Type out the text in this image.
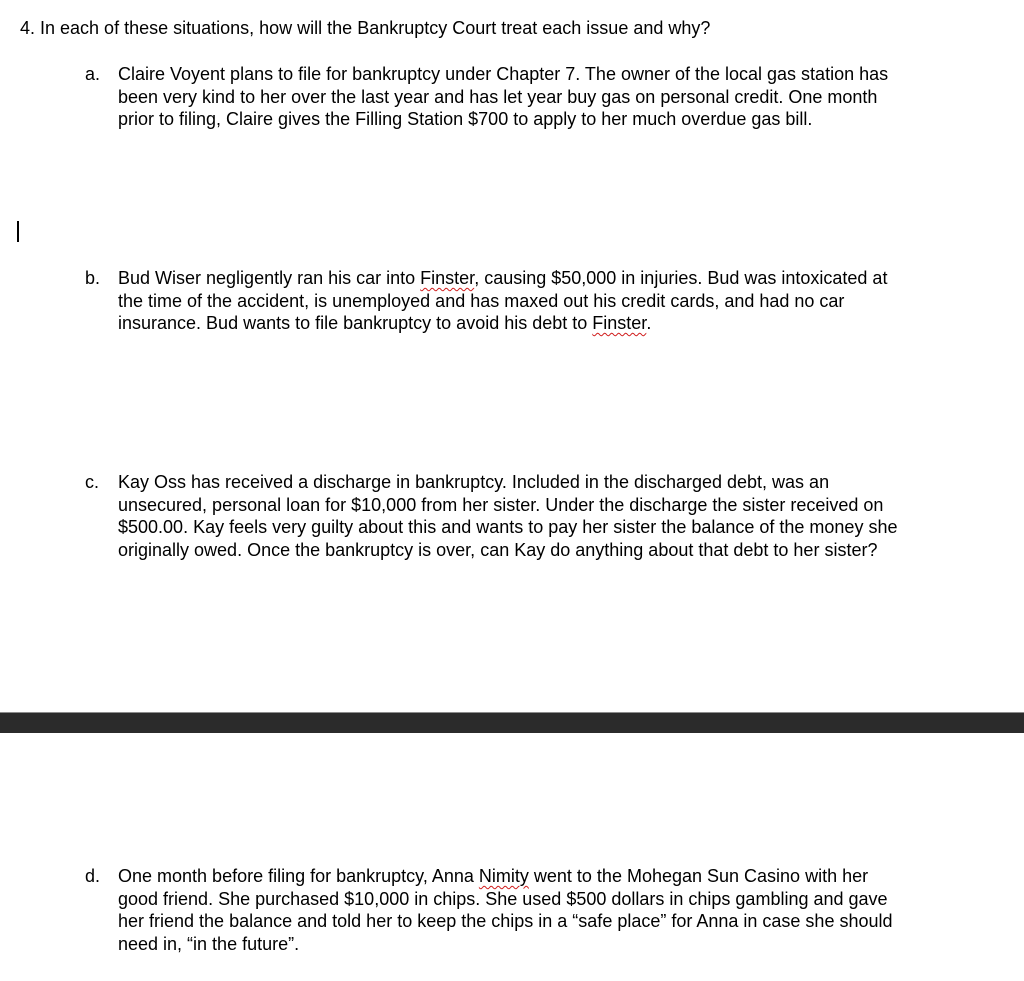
4. In each of these situations, how will the Bankruptcy Court treat each issue and why?
a. Claire Voyent plans to file for bankruptcy under Chapter 7. The owner of the local gas station has
been very kind to her over the last year and has let year buy gas on personal credit. One month
prior to filing, Claire gives the Filling Station $700 to apply to her much overdue gas bill.
b. Bud Wiser negligently ran his car into Finster, causing $50,000 in injuries. Bud was intoxicated at
the time of the accident, is unemployed and has maxed out his credit cards, and had no car
insurance. Bud wants to file bankruptcy to avoid his debt to Finster.
c.	Kay Oss has received a discharge in bankruptcy. Included in the discharged debt, was an
unsecured, personal loan for $10,000 from her sister. Under the discharge the sister received on
$500.00. Kay feels very guilty about this and wants to pay her sister the balance of the money she
originally owed. Once the bankruptcy is over, can Kay do anything about that debt to her sister?
d. One month before filing for bankruptcy, Anna Nimity went to the Mohegan Sun Casino with her
good friend. She purchased $10,000 in chips. She used $500 dollars in chips gambling and gave
her friend the balance and told her to keep the chips in a “safe place” for Anna in case she should
need in, “in the future”.
